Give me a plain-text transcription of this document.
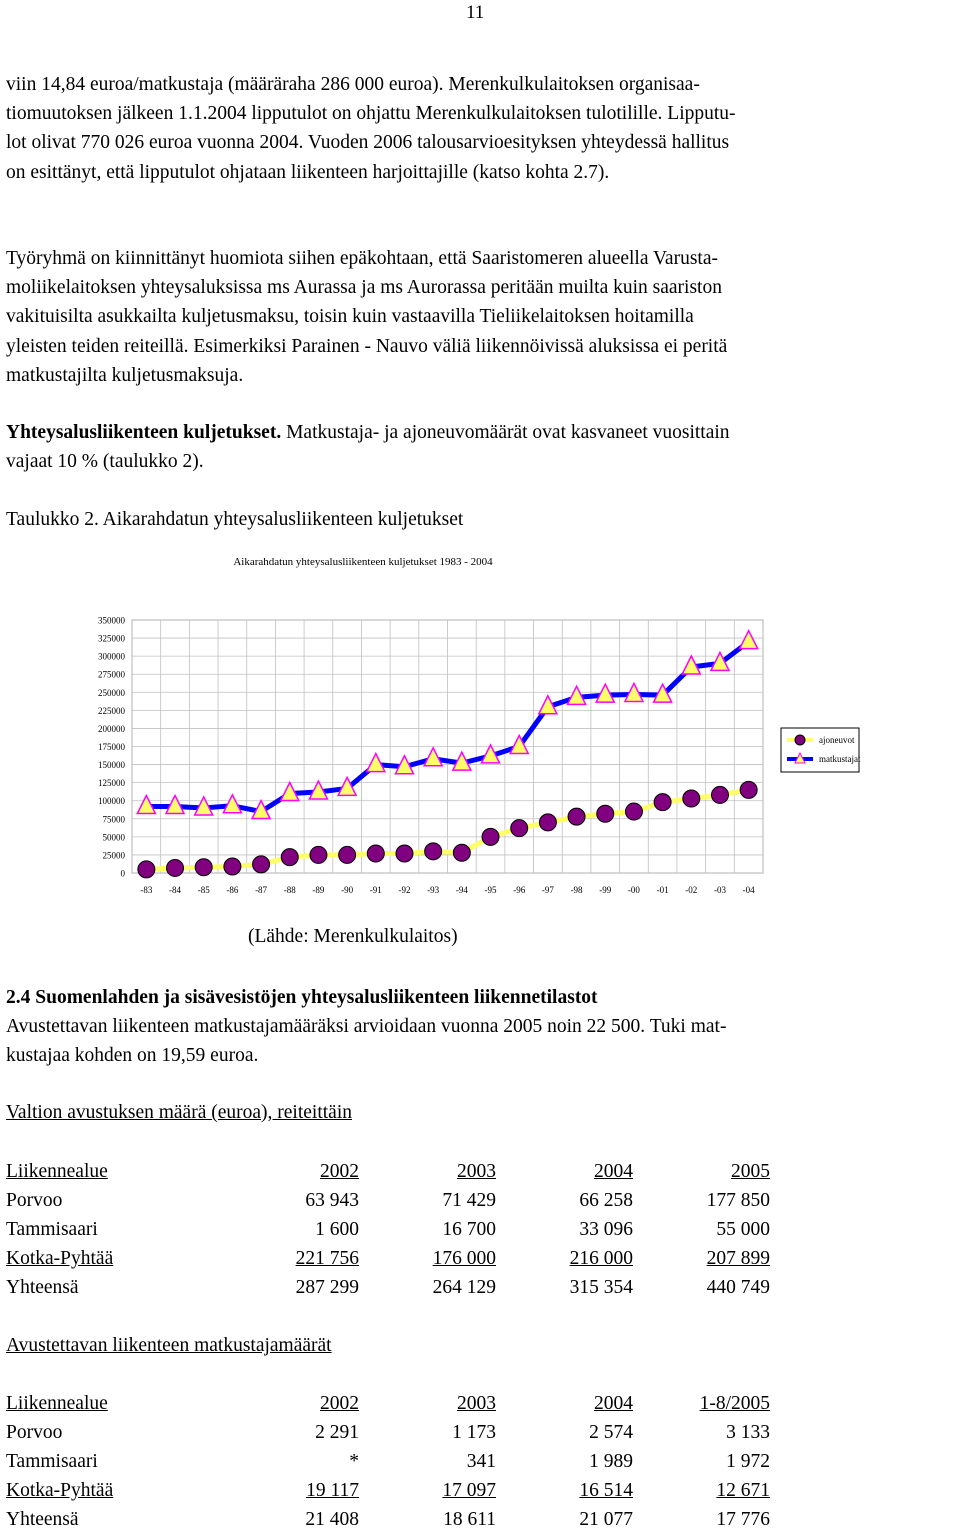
11
viin 14,84 euroa/matkustaja (määräraha 286 000 euroa). Merenkulkulaitoksen organisaa-
tiomuutoksen jälkeen 1.1.2004 lipputulot on ohjattu Merenkulkulaitoksen tulotilille. Lipputu-
lot olivat 770 026 euroa vuonna 2004. Vuoden 2006 talousarvioesityksen yhteydessä hallitus
on esittänyt, että lipputulot ohjataan liikenteen harjoittajille (katso kohta 2.7).
Työryhmä on kiinnittänyt huomiota siihen epäkohtaan, että Saaristomeren alueella Varusta-
moliikelaitoksen yhteysaluksissa ms Aurassa ja ms Aurorassa peritään muilta kuin saariston
vakituisilta asukkailta kuljetusmaksu, toisin kuin vastaavilla Tieliikelaitoksen hoitamilla
yleisten teiden reiteillä. Esimerkiksi Parainen - Nauvo väliä liikennöivissä aluksissa ei peritä
matkustajilta kuljetusmaksuja.
Yhteysalusliikenteen kuljetukset. Matkustaja- ja ajoneuvomäärät ovat kasvaneet vuosittain
vajaat 10 % (taulukko 2).
Taulukko 2. Aikarahdatun yhteysalusliikenteen kuljetukset
Aikarahdatun yhteysalusliikenteen kuljetukset 1983 - 2004
0
25000
50000
75000
100000
125000
150000
175000
200000
225000
250000
275000
300000
325000
350000
-83 -84 -85 -86 -87 -88 -89 -90 -91 -92 -93 -94 -95 -96 -97 -98 -99 -00 -01 -02 -03 -04
ajoneuvot
matkustajat
(Lähde: Merenkulkulaitos)
2.4 Suomenlahden ja sisävesistöjen yhteysalusliikenteen liikennetilastot
Avustettavan liikenteen matkustajamääräksi arvioidaan vuonna 2005 noin 22 500. Tuki mat-
kustajaa kohden on 19,59 euroa.
Valtion avustuksen määrä (euroa), reiteittäin
Liikennealue	2002	2003	2004	2005
Porvoo	63 943	71 429	66 258	177 850
Tammisaari	1 600	16 700	33 096	55 000
Kotka-Pyhtää	221 756	176 000	216 000	207 899
Yhteensä	287 299	264 129	315 354	440 749
Avustettavan liikenteen matkustajamäärät
Liikennealue	2002	2003	2004	1-8/2005
Porvoo	2 291	1 173	2 574	3 133
Tammisaari	*	341	1 989	1 972
Kotka-Pyhtää	19 117	17 097	16 514	12 671
Yhteensä	21 408	18 611	21 077	17 776
